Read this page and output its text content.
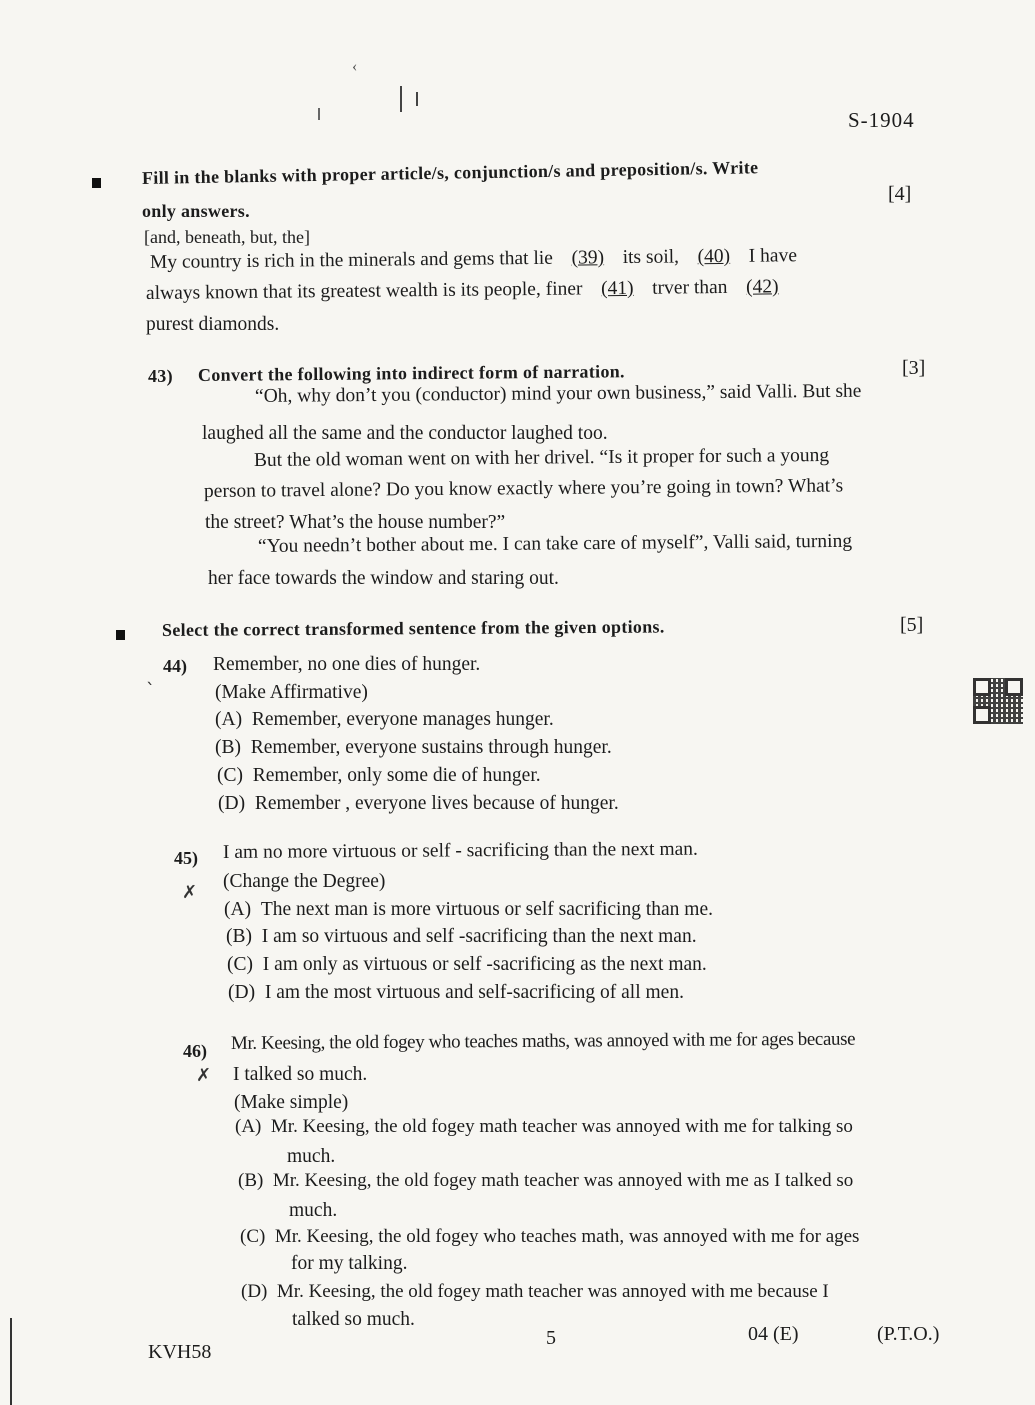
S-1904
‹
Fill in the blanks with proper article/s, conjunction/s and preposition/s. Write
[4]
only answers.
[and, beneath, but, the]
My country is rich in the minerals and gems that lie (39) its soil, (40) I have
always known that its greatest wealth is its people, finer (41) trver than (42)
purest diamonds.
43) Convert the following into indirect form of narration.	[3]
“Oh, why don’t you (conductor) mind your own business,” said Valli. But she
laughed all the same and the conductor laughed too.
But the old woman went on with her drivel. “Is it proper for such a young
person to travel alone? Do you know exactly where you’re going in town? What’s
the street? What’s the house number?”
“You needn’t bother about me. I can take care of myself”, Valli said, turning
her face towards the window and staring out.
Select the correct transformed sentence from the given options.	[5]
44) Remember, no one dies of hunger.
ˋ	(Make Affirmative)
(A) Remember, everyone manages hunger.
(B) Remember, everyone sustains through hunger.
(C) Remember, only some die of hunger.
(D) Remember , everyone lives because of hunger.
45) I am no more virtuous or self - sacrificing than the next man.
✗
(Change the Degree)
(A) The next man is more virtuous or self sacrificing than me.
(B) I am so virtuous and self -sacrificing than the next man.
(C) I am only as virtuous or self -sacrificing as the next man.
(D) I am the most virtuous and self-sacrificing of all men.
46) Mr. Keesing, the old fogey who teaches maths, was annoyed with me for ages because
✗ I talked so much.
(Make simple)
(A) Mr. Keesing, the old fogey math teacher was annoyed with me for talking so
much.
(B) Mr. Keesing, the old fogey math teacher was annoyed with me as I talked so
much.
(C) Mr. Keesing, the old fogey who teaches math, was annoyed with me for ages
for my talking.
(D) Mr. Keesing, the old fogey math teacher was annoyed with me because I
talked so much.
KVH58
5	04 (E)	(P.T.O.)
